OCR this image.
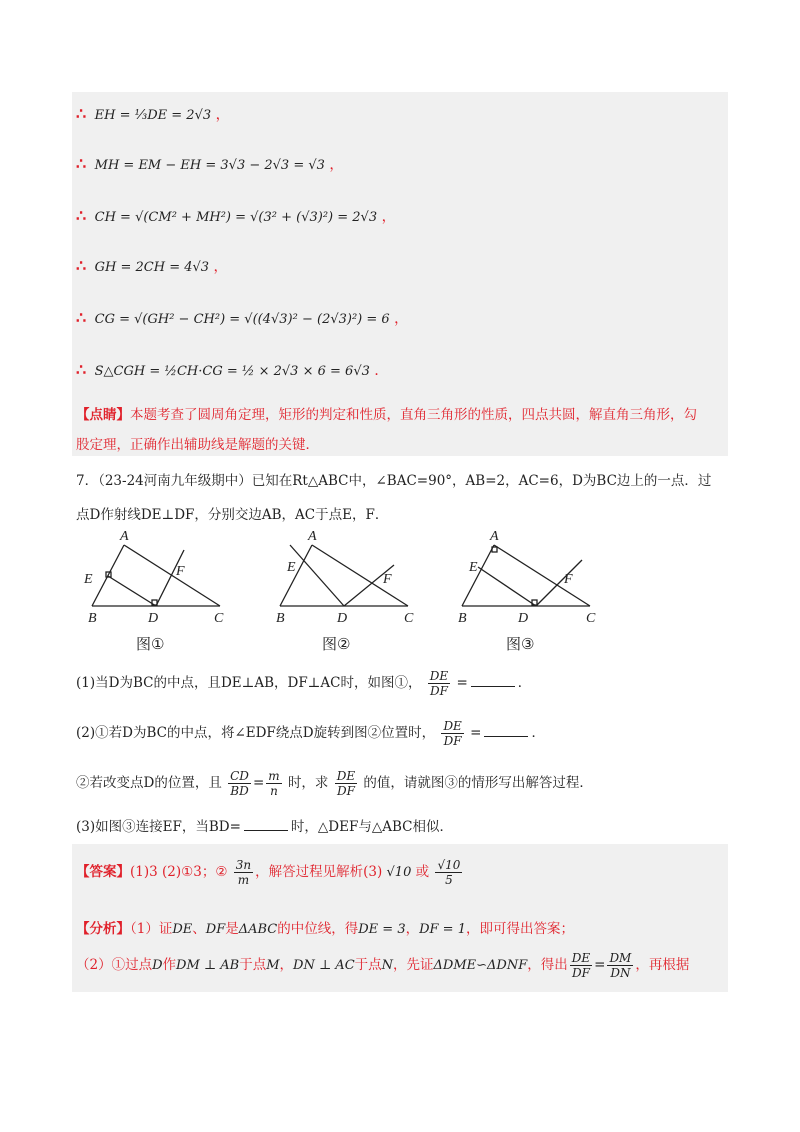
∴ EH = ⅓DE = 2√3 ，
∴ MH = EM − EH = 3√3 − 2√3 = √3 ，
∴ CH = √(CM² + MH²) = √(3² + (√3)²) = 2√3 ，
∴ GH = 2CH = 4√3 ，
∴ CG = √(GH² − CH²) = √((4√3)² − (2√3)²) = 6 ，
∴ S△CGH = ½CH·CG = ½ × 2√3 × 6 = 6√3 ．
【点睛】本题考查了圆周角定理，矩形的判定和性质，直角三角形的性质，四点共圆，解直角三角形，勾
股定理，正确作出辅助线是解题的关键．
7．（23-24河南九年级期中）已知在Rt△ABC中，∠BAC=90°，AB=2，AC=6，D为BC边上的一点．过
点D作射线DE⊥DF，分别交边AB，AC于点E，F．
A
E
F
B	D	C
A
E
F
B	D	C
A
E
F
B	D	C
图①	图②	图③
(1)当D为BC的中点，且DE⊥AB，DF⊥AC时，如图①， $\frac{DE}{DF}$ =	．
(2)①若D为BC的中点，将∠EDF绕点D旋转到图②位置时， $\frac{DE}{DF}$ =	．
②若改变点D的位置，且 $\frac{CD}{BD} = \frac{m}{n}$ 时，求 $\frac{DE}{DF}$ 的值，请就图③的情形写出解答过程．
(3)如图③连接EF，当BD=	时，△DEF与△ABC相似．
【答案】(1)3 (2)①3；② $\frac{3n}{m}$ ，解答过程见解析(3) √10 或 $\frac{√10}{5}$
【分析】（1）证DE、DF是ΔABC的中位线，得DE = 3，DF = 1，即可得出答案；
（2）①过点D作DM ⊥ AB于点M，DN ⊥ AC于点N，先证ΔDME∽ΔDNF，得出 $\frac{DE}{DF} = \frac{DM}{DN}$ ，再根据
